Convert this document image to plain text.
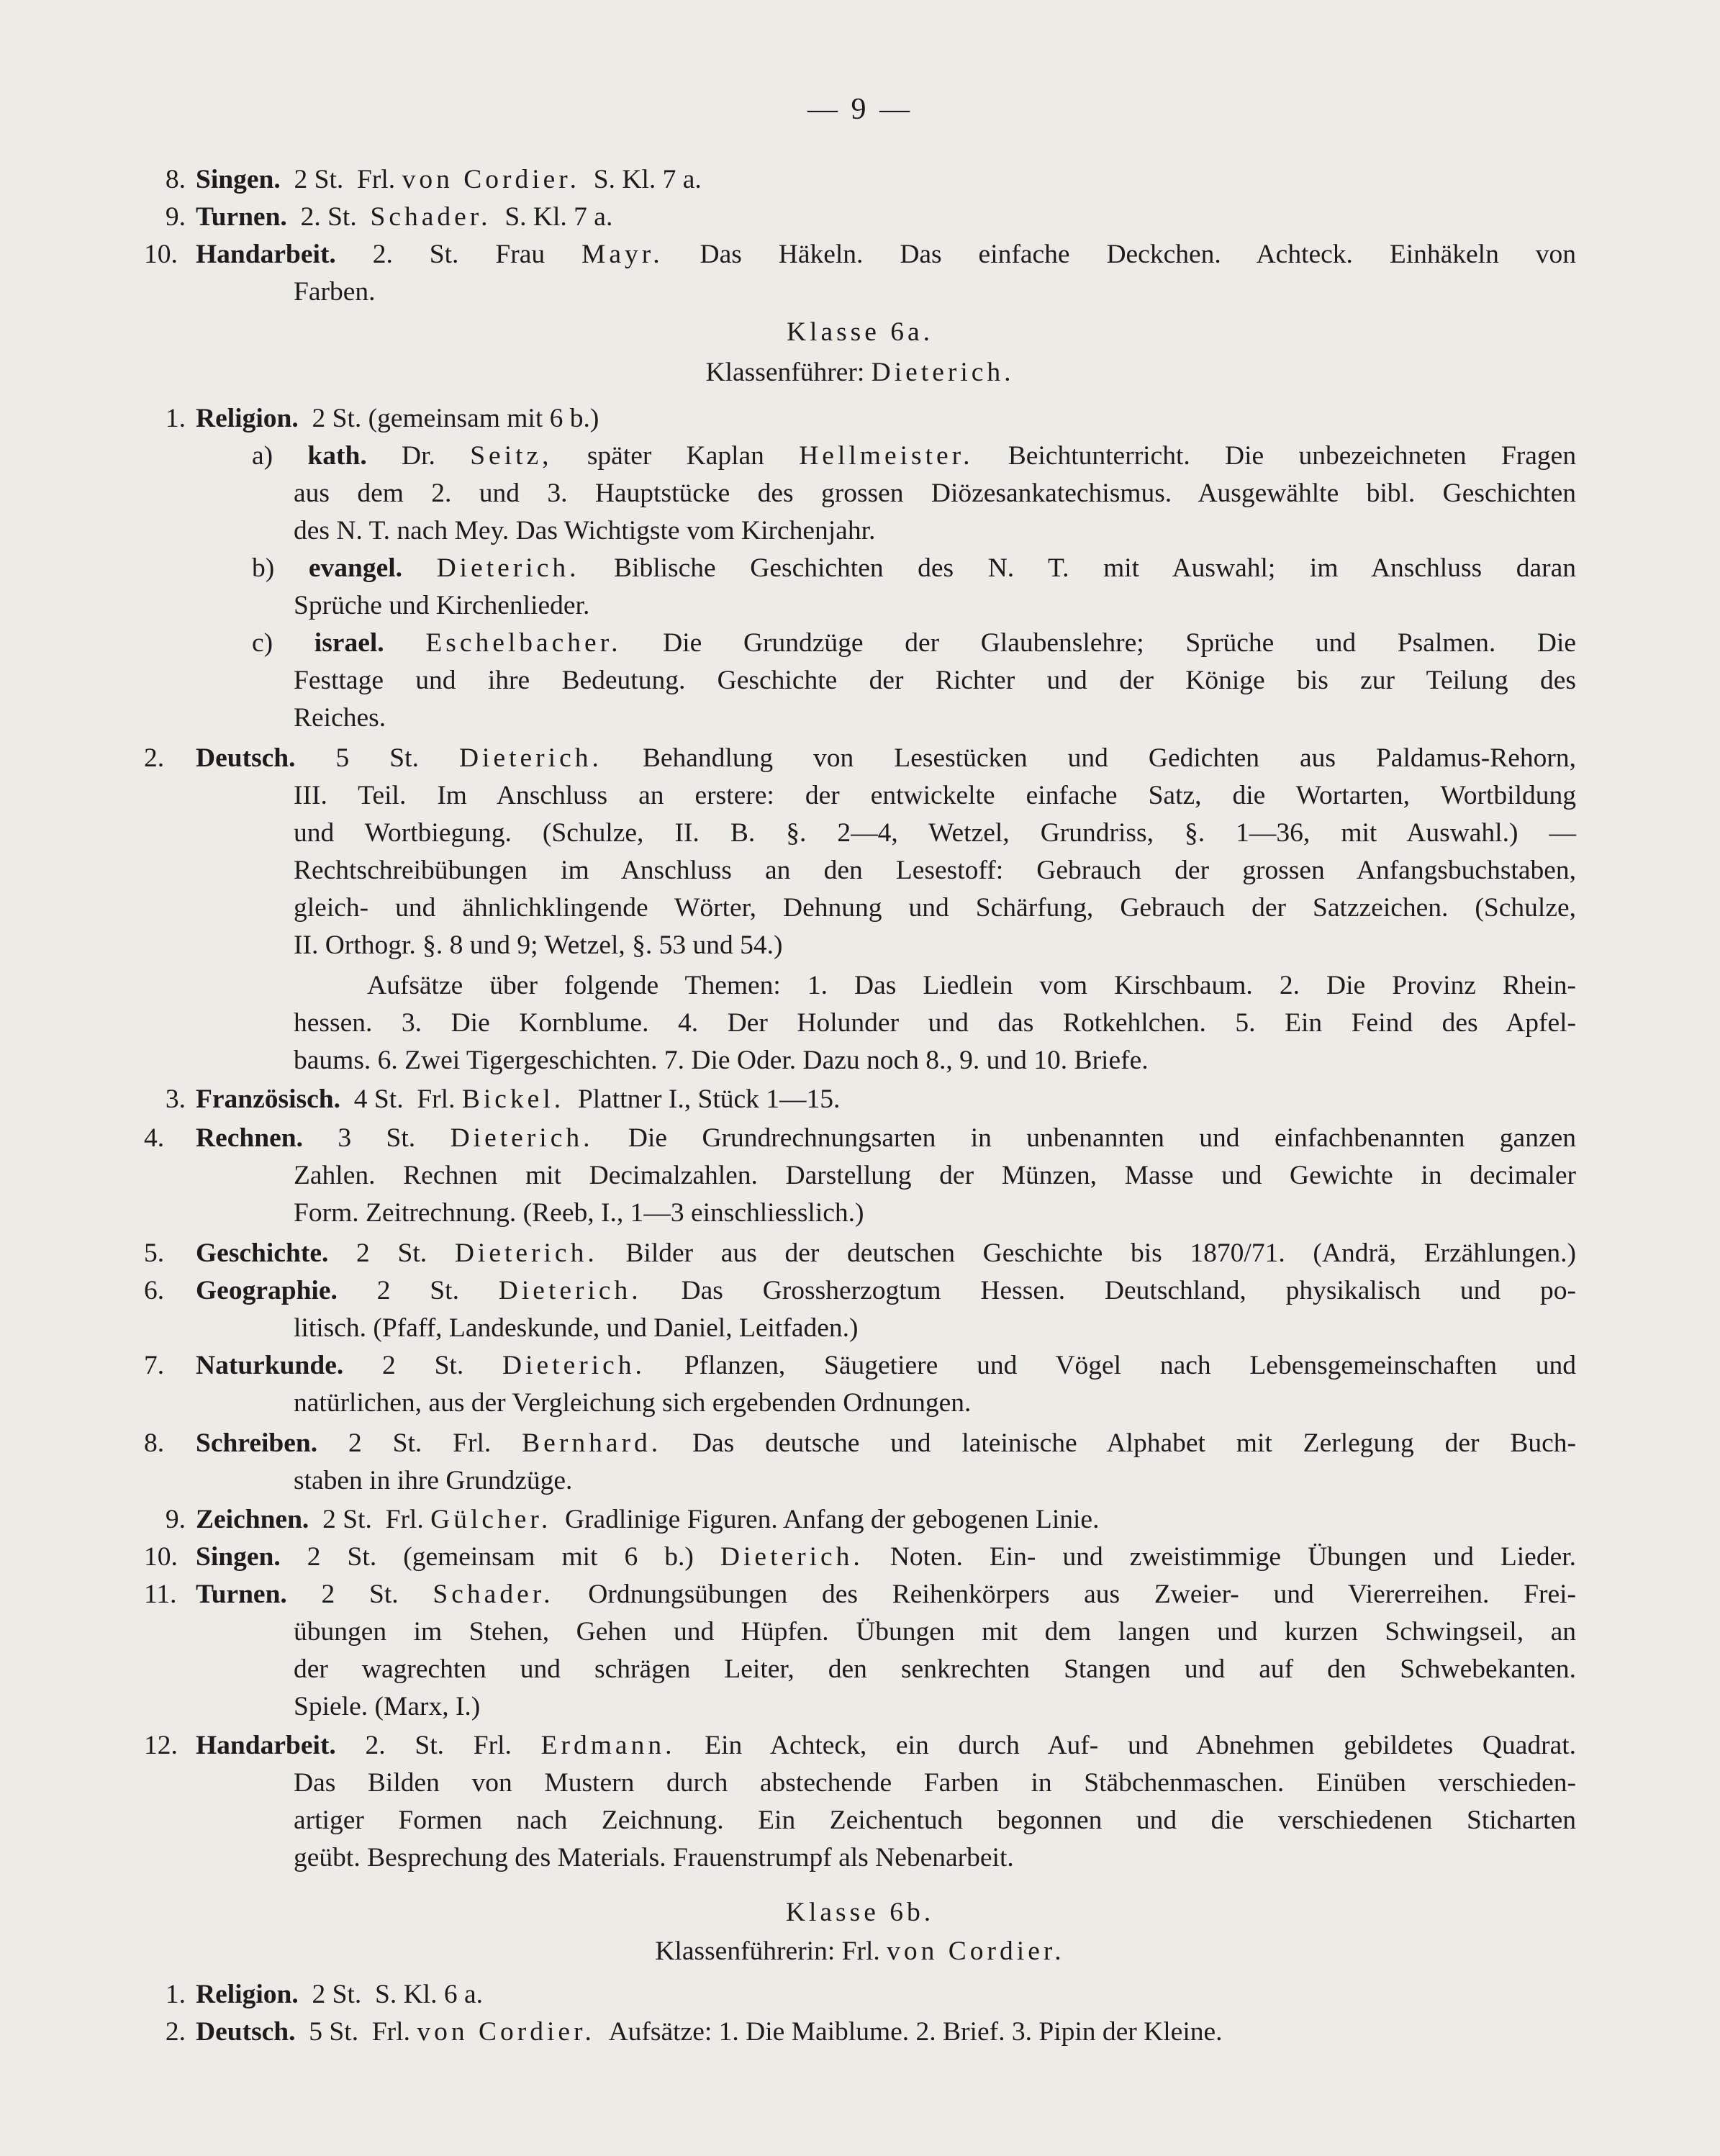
— 9 —
8. Singen. 2 St. Frl. von Cordier. S. Kl. 7 a.
9. Turnen. 2. St. Schader. S. Kl. 7 a.
10. Handarbeit. 2. St. Frau Mayr. Das Häkeln. Das einfache Deckchen. Achteck. Einhäkeln von
Farben.
Klasse 6a.
Klassenführer: Dieterich.
1. Religion. 2 St. (gemeinsam mit 6 b.)
a) kath. Dr. Seitz, später Kaplan Hellmeister. Beichtunterricht. Die unbezeichneten Fragen
aus dem 2. und 3. Hauptstücke des grossen Diözesankatechismus. Ausgewählte bibl. Geschichten
des N. T. nach Mey. Das Wichtigste vom Kirchenjahr.
b) evangel. Dieterich. Biblische Geschichten des N. T. mit Auswahl; im Anschluss daran
Sprüche und Kirchenlieder.
c) israel. Eschelbacher. Die Grundzüge der Glaubenslehre; Sprüche und Psalmen. Die
Festtage und ihre Bedeutung. Geschichte der Richter und der Könige bis zur Teilung des
Reiches.
2. Deutsch. 5 St. Dieterich. Behandlung von Lesestücken und Gedichten aus Paldamus-Rehorn,
III. Teil. Im Anschluss an erstere: der entwickelte einfache Satz, die Wortarten, Wortbildung
und Wortbiegung. (Schulze, II. B. §. 2—4, Wetzel, Grundriss, §. 1—36, mit Auswahl.) —
Rechtschreibübungen im Anschluss an den Lesestoff: Gebrauch der grossen Anfangsbuchstaben,
gleich- und ähnlichklingende Wörter, Dehnung und Schärfung, Gebrauch der Satzzeichen. (Schulze,
II. Orthogr. §. 8 und 9; Wetzel, §. 53 und 54.)
Aufsätze über folgende Themen: 1. Das Liedlein vom Kirschbaum. 2. Die Provinz Rhein-
hessen. 3. Die Kornblume. 4. Der Holunder und das Rotkehlchen. 5. Ein Feind des Apfel-
baums. 6. Zwei Tigergeschichten. 7. Die Oder. Dazu noch 8., 9. und 10. Briefe.
3. Französisch. 4 St. Frl. Bickel. Plattner I., Stück 1—15.
4. Rechnen. 3 St. Dieterich. Die Grundrechnungsarten in unbenannten und einfachbenannten ganzen
Zahlen. Rechnen mit Decimalzahlen. Darstellung der Münzen, Masse und Gewichte in decimaler
Form. Zeitrechnung. (Reeb, I., 1—3 einschliesslich.)
5. Geschichte. 2 St. Dieterich. Bilder aus der deutschen Geschichte bis 1870/71. (Andrä, Erzählungen.)
6. Geographie. 2 St. Dieterich. Das Grossherzogtum Hessen. Deutschland, physikalisch und po-
litisch. (Pfaff, Landeskunde, und Daniel, Leitfaden.)
7. Naturkunde. 2 St. Dieterich. Pflanzen, Säugetiere und Vögel nach Lebensgemeinschaften und
natürlichen, aus der Vergleichung sich ergebenden Ordnungen.
8. Schreiben. 2 St. Frl. Bernhard. Das deutsche und lateinische Alphabet mit Zerlegung der Buch-
staben in ihre Grundzüge.
9. Zeichnen. 2 St. Frl. Gülcher. Gradlinige Figuren. Anfang der gebogenen Linie.
10. Singen. 2 St. (gemeinsam mit 6 b.) Dieterich. Noten. Ein- und zweistimmige Übungen und Lieder.
11. Turnen. 2 St. Schader. Ordnungsübungen des Reihenkörpers aus Zweier- und Viererreihen. Frei-
übungen im Stehen, Gehen und Hüpfen. Übungen mit dem langen und kurzen Schwingseil, an
der wagrechten und schrägen Leiter, den senkrechten Stangen und auf den Schwebekanten.
Spiele. (Marx, I.)
12. Handarbeit. 2. St. Frl. Erdmann. Ein Achteck, ein durch Auf- und Abnehmen gebildetes Quadrat.
Das Bilden von Mustern durch abstechende Farben in Stäbchenmaschen. Einüben verschieden-
artiger Formen nach Zeichnung. Ein Zeichentuch begonnen und die verschiedenen Sticharten
geübt. Besprechung des Materials. Frauenstrumpf als Nebenarbeit.
Klasse 6b.
Klassenführerin: Frl. von Cordier.
1. Religion. 2 St. S. Kl. 6 a.
2. Deutsch. 5 St. Frl. von Cordier. Aufsätze: 1. Die Maiblume. 2. Brief. 3. Pipin der Kleine.
